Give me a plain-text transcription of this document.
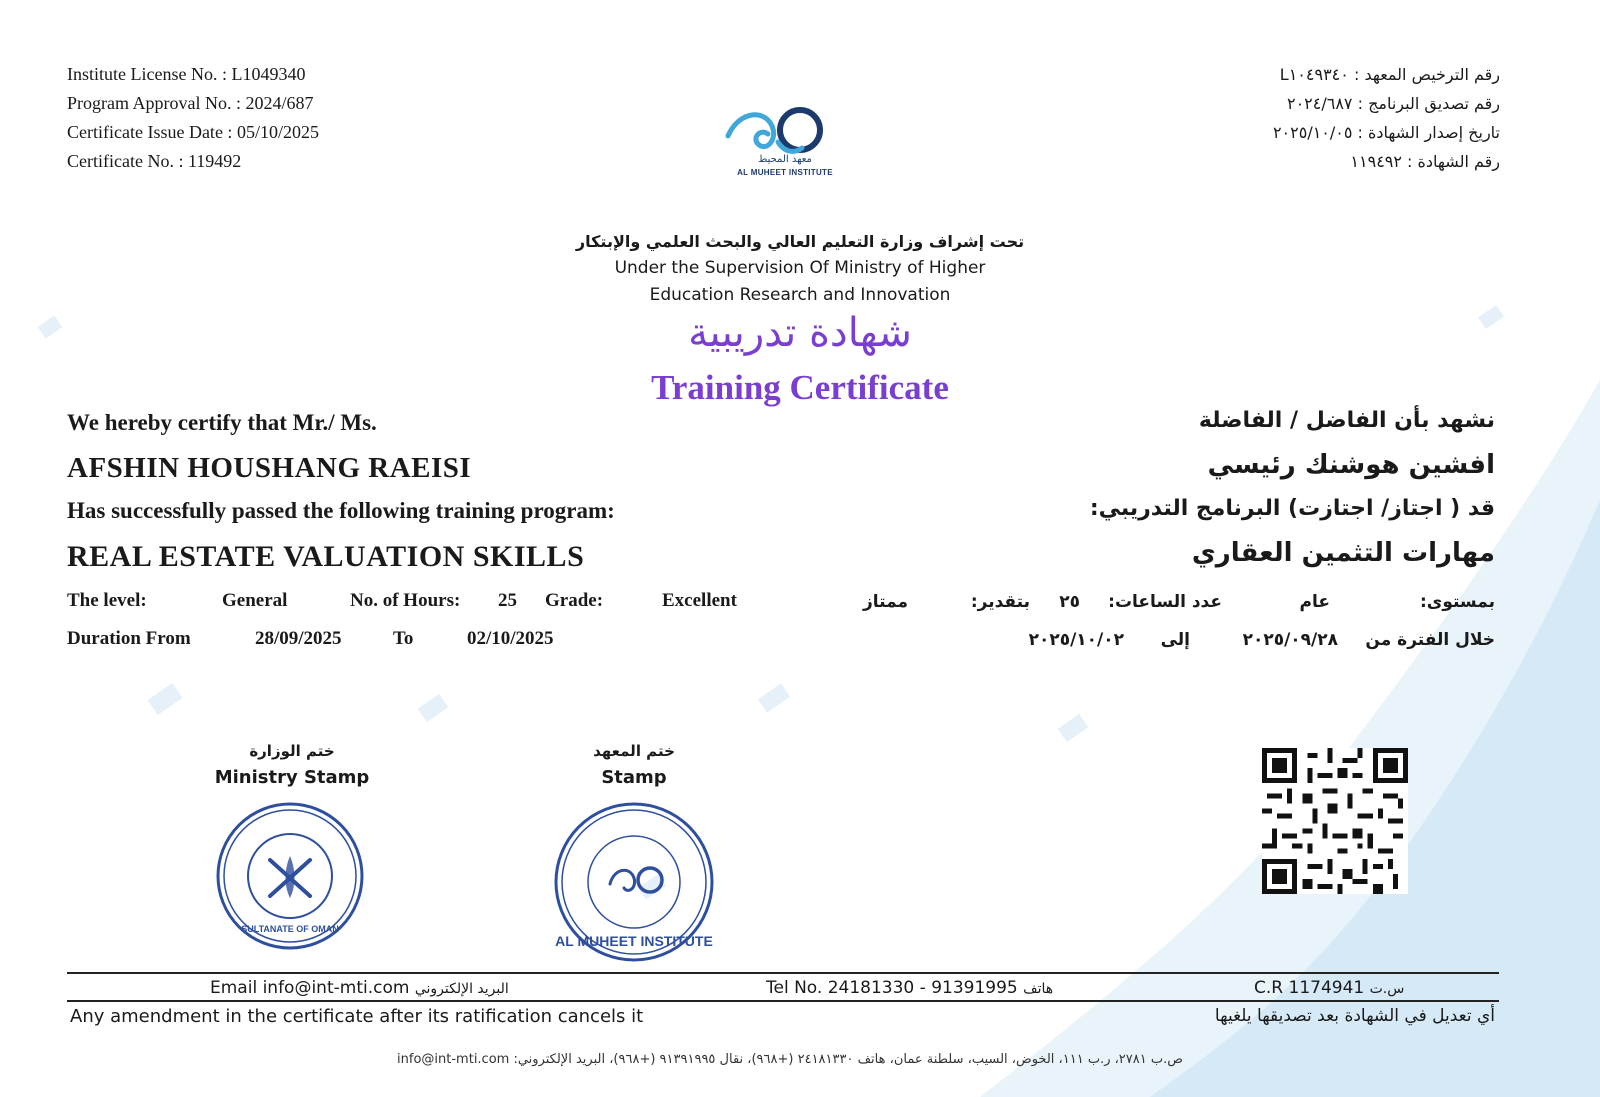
Institute License No. : L1049340
Program Approval No. : 2024/687
Certificate Issue Date : 05/10/2025
Certificate No. : 119492
رقم الترخيص المعهد : L١٠٤٩٣٤٠
رقم تصديق البرنامج : ٢٠٢٤/٦٨٧
تاريخ إصدار الشهادة : ٢٠٢٥/١٠/٠٥
رقم الشهادة : ١١٩٤٩٢
معهد المحيط
AL MUHEET INSTITUTE
تحت إشراف وزارة التعليم العالي والبحث العلمي والإبتكار
Under the Supervision Of Ministry of Higher
Education Research and Innovation
شهادة تدريبية
Training Certificate
We hereby certify that Mr./ Ms.
AFSHIN HOUSHANG RAEISI
Has successfully passed the following training program:
REAL ESTATE VALUATION SKILLS
نشهد بأن الفاضل / الفاضلة
افشين هوشنك رئيسي
قد ( اجتاز/ اجتازت) البرنامج التدريبي:
مهارات التثمين العقاري
The level:	General	No. of Hours: 25 Grade:	Excellent
Duration From	28/09/2025	To	02/10/2025
بمستوى:
عام
عدد الساعات:
٢٥
بتقدير:
ممتاز
خلال الفترة من
٢٠٢٥/٠٩/٢٨
إلى
٢٠٢٥/١٠/٠٢
ختم الوزارة
Ministry Stamp
SULTANATE OF OMAN
ختم المعهد
Stamp
AL MUHEET INSTITUTE
Email info@int-mti.com البريد الإلكتروني	Tel No. 24181330 - 91391995 هاتف	C.R 1174941 س.ت
Any amendment in the certificate after its ratification cancels it	أي تعديل في الشهادة بعد تصديقها يلغيها
ص.ب ٢٧٨١، ر.ب ١١١، الخوض، السيب، سلطنة عمان، هاتف ٢٤١٨١٣٣٠ (+٩٦٨)، نقال ٩١٣٩١٩٩٥ (+٩٦٨)، البريد الإلكتروني: info@int-mti.com
